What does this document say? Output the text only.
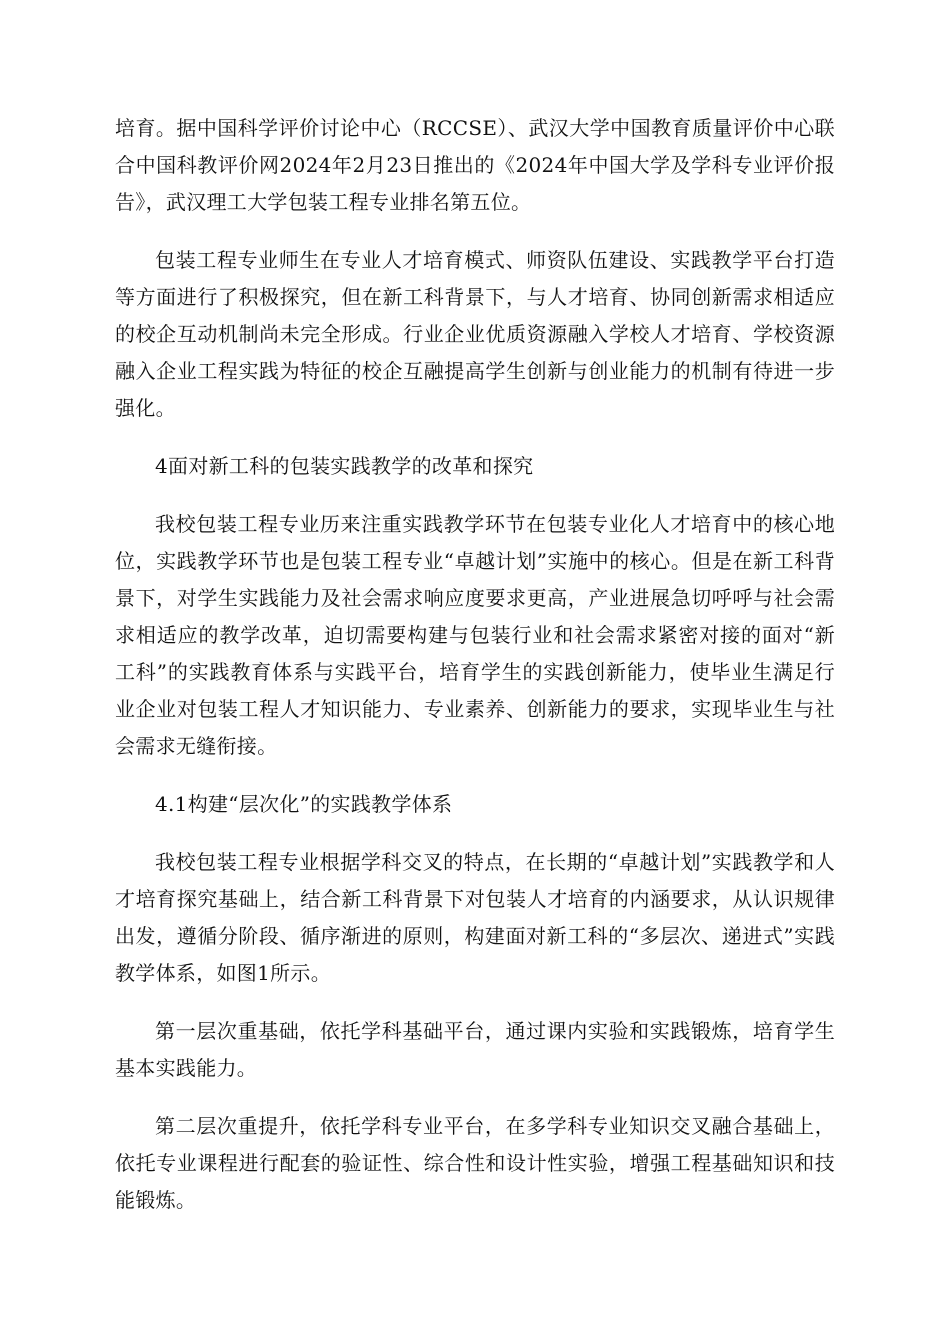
培育。据中国科学评价讨论中心（RCCSE）、武汉大学中国教育质量评价中心联合中国科教评价网2024年2月23日推出的《2024年中国大学及学科专业评价报告》，武汉理工大学包装工程专业排名第五位。

包装工程专业师生在专业人才培育模式、师资队伍建设、实践教学平台打造等方面进行了积极探究，但在新工科背景下，与人才培育、协同创新需求相适应的校企互动机制尚未完全形成。行业企业优质资源融入学校人才培育、学校资源融入企业工程实践为特征的校企互融提高学生创新与创业能力的机制有待进一步强化。

4面对新工科的包装实践教学的改革和探究

我校包装工程专业历来注重实践教学环节在包装专业化人才培育中的核心地位，实践教学环节也是包装工程专业“卓越计划”实施中的核心。但是在新工科背景下，对学生实践能力及社会需求响应度要求更高，产业进展急切呼呼与社会需求相适应的教学改革，迫切需要构建与包装行业和社会需求紧密对接的面对“新工科”的实践教育体系与实践平台，培育学生的实践创新能力，使毕业生满足行业企业对包装工程人才知识能力、专业素养、创新能力的要求，实现毕业生与社会需求无缝衔接。

4.1构建“层次化”的实践教学体系

我校包装工程专业根据学科交叉的特点，在长期的“卓越计划”实践教学和人才培育探究基础上，结合新工科背景下对包装人才培育的内涵要求，从认识规律出发，遵循分阶段、循序渐进的原则，构建面对新工科的“多层次、递进式”实践教学体系，如图1所示。

第一层次重基础，依托学科基础平台，通过课内实验和实践锻炼，培育学生基本实践能力。

第二层次重提升，依托学科专业平台，在多学科专业知识交叉融合基础上，依托专业课程进行配套的验证性、综合性和设计性实验，增强工程基础知识和技能锻炼。
